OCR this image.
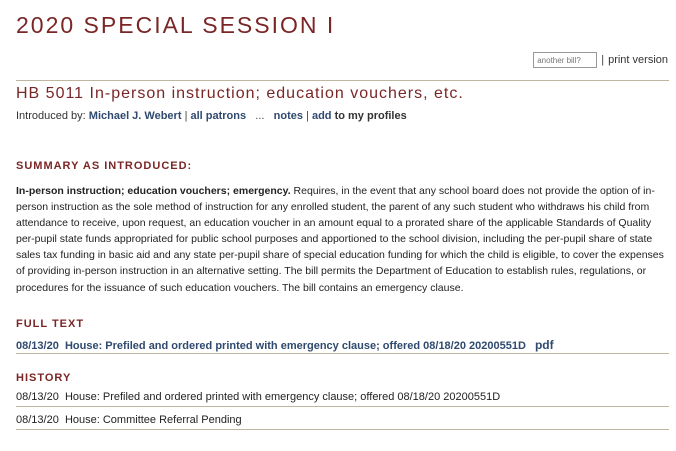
2020 SPECIAL SESSION I
another bill?
| print version
HB 5011 In-person instruction; education vouchers, etc.
Introduced by: Michael J. Webert | all patrons ... notes | add to my profiles
SUMMARY AS INTRODUCED:

In-person instruction; education vouchers; emergency. Requires, in the event that any school board does not provide the option of in-person instruction as the sole method of instruction for any enrolled student, the parent of any such student who withdraws his child from attendance to receive, upon request, an education voucher in an amount equal to a prorated share of the applicable Standards of Quality per-pupil state funds appropriated for public school purposes and apportioned to the school division, including the per-pupil share of state sales tax funding in basic aid and any state per-pupil share of special education funding for which the child is eligible, to cover the expenses of providing in-person instruction in an alternative setting. The bill permits the Department of Education to establish rules, regulations, or procedures for the issuance of such education vouchers. The bill contains an emergency clause.

FULL TEXT
08/13/20 House: Prefiled and ordered printed with emergency clause; offered 08/18/20 20200551D pdf
HISTORY
08/13/20 House: Prefiled and ordered printed with emergency clause; offered 08/18/20 20200551D
08/13/20 House: Committee Referral Pending
